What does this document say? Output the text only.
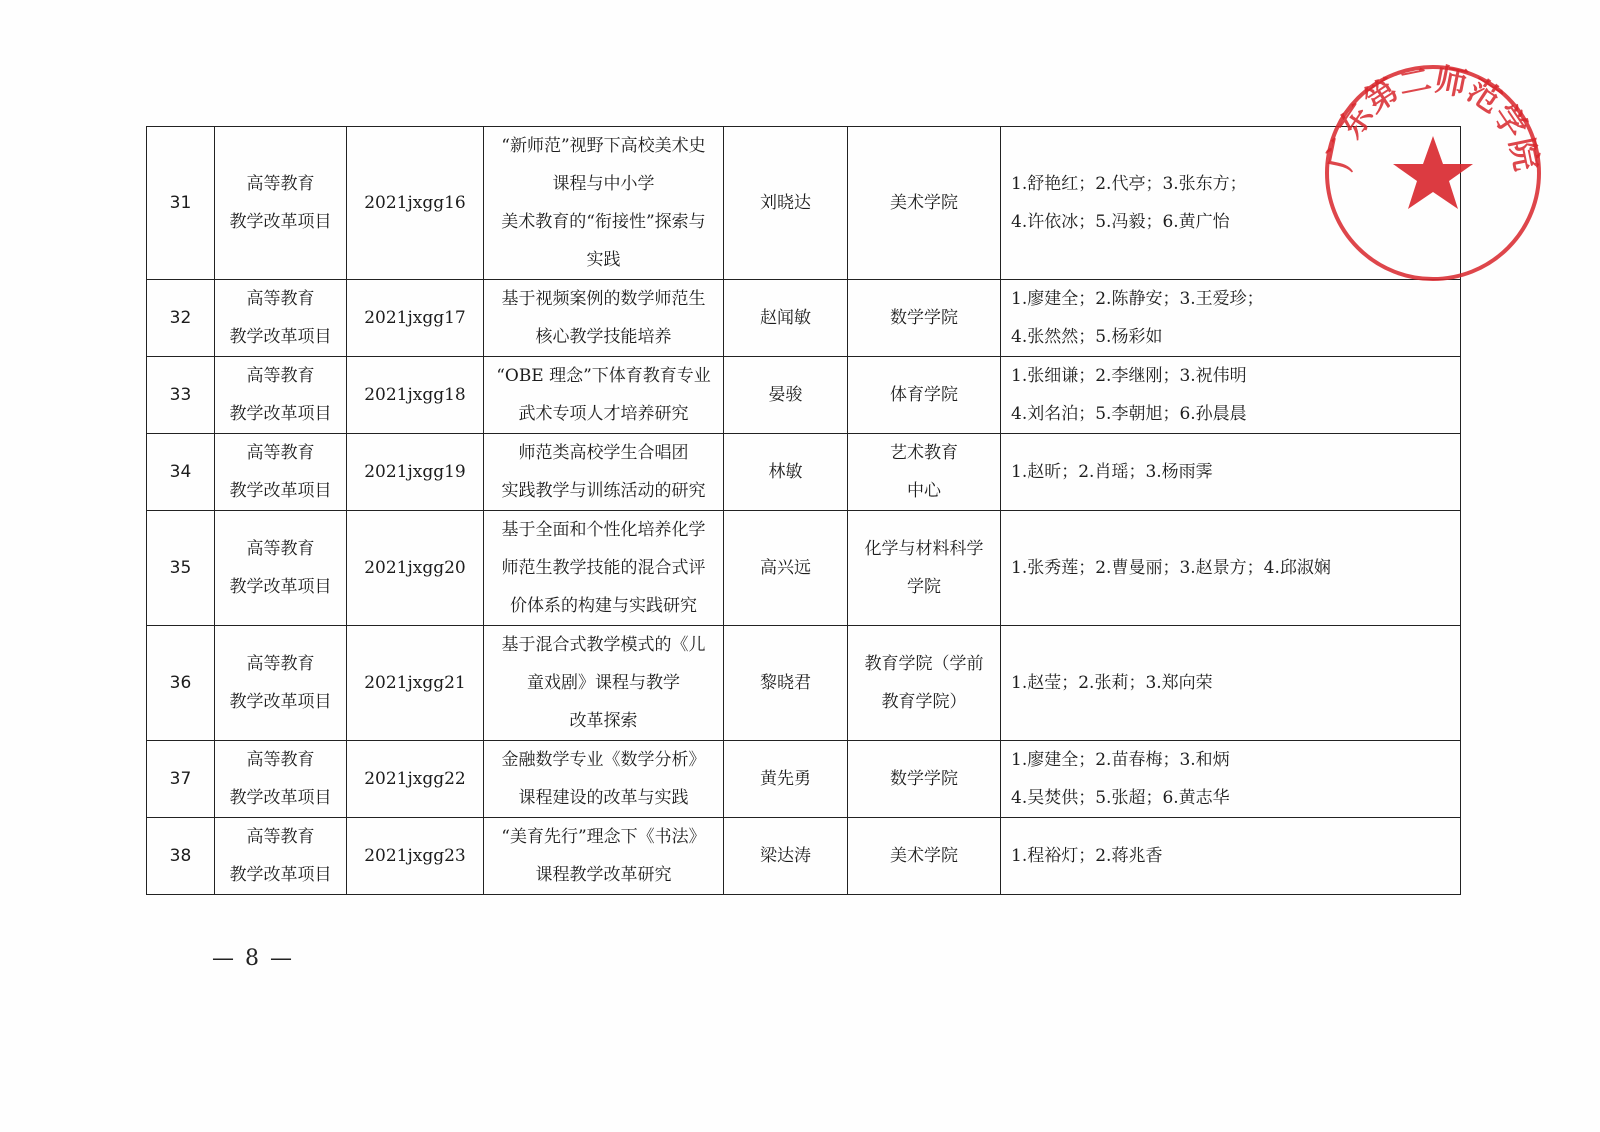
31	高等教育
教学改革项目	2021jxgg16	“新师范”视野下高校美术史
课程与中小学
美术教育的“衔接性”探索与
实践	刘晓达	美术学院	1.舒艳红；2.代亭；3.张东方；
4.许依冰；5.冯毅；6.黄广怡

32	高等教育
教学改革项目	2021jxgg17	基于视频案例的数学师范生
核心教学技能培养	赵闻敏	数学学院	1.廖建全；2.陈静安；3.王爱珍；
4.张然然；5.杨彩如

33	高等教育
教学改革项目	2021jxgg18	“OBE 理念”下体育教育专业
武术专项人才培养研究	晏骏	体育学院	1.张细谦；2.李继刚；3.祝伟明
4.刘名泊；5.李朝旭；6.孙晨晨

34	高等教育
教学改革项目	2021jxgg19	师范类高校学生合唱团
实践教学与训练活动的研究	林敏	艺术教育
中心	1.赵昕；2.肖瑶；3.杨雨霁

35	高等教育
教学改革项目	2021jxgg20	基于全面和个性化培养化学
师范生教学技能的混合式评
价体系的构建与实践研究	高兴远	化学与材料科学
学院	1.张秀莲；2.曹曼丽；3.赵景方；4.邱淑娴

36	高等教育
教学改革项目	2021jxgg21	基于混合式教学模式的《儿
童戏剧》课程与教学
改革探索	黎晓君	教育学院（学前
教育学院）	1.赵莹；2.张莉；3.郑向荣

37	高等教育
教学改革项目	2021jxgg22	金融数学专业《数学分析》
课程建设的改革与实践	黄先勇	数学学院	1.廖建全；2.苗春梅；3.和炳
4.吴焚供；5.张超；6.黄志华

38	高等教育
教学改革项目	2021jxgg23	“美育先行”理念下《书法》
课程教学改革研究	梁达涛	美术学院	1.程裕灯；2.蒋兆香
— 8 —
广东第二师范学院
